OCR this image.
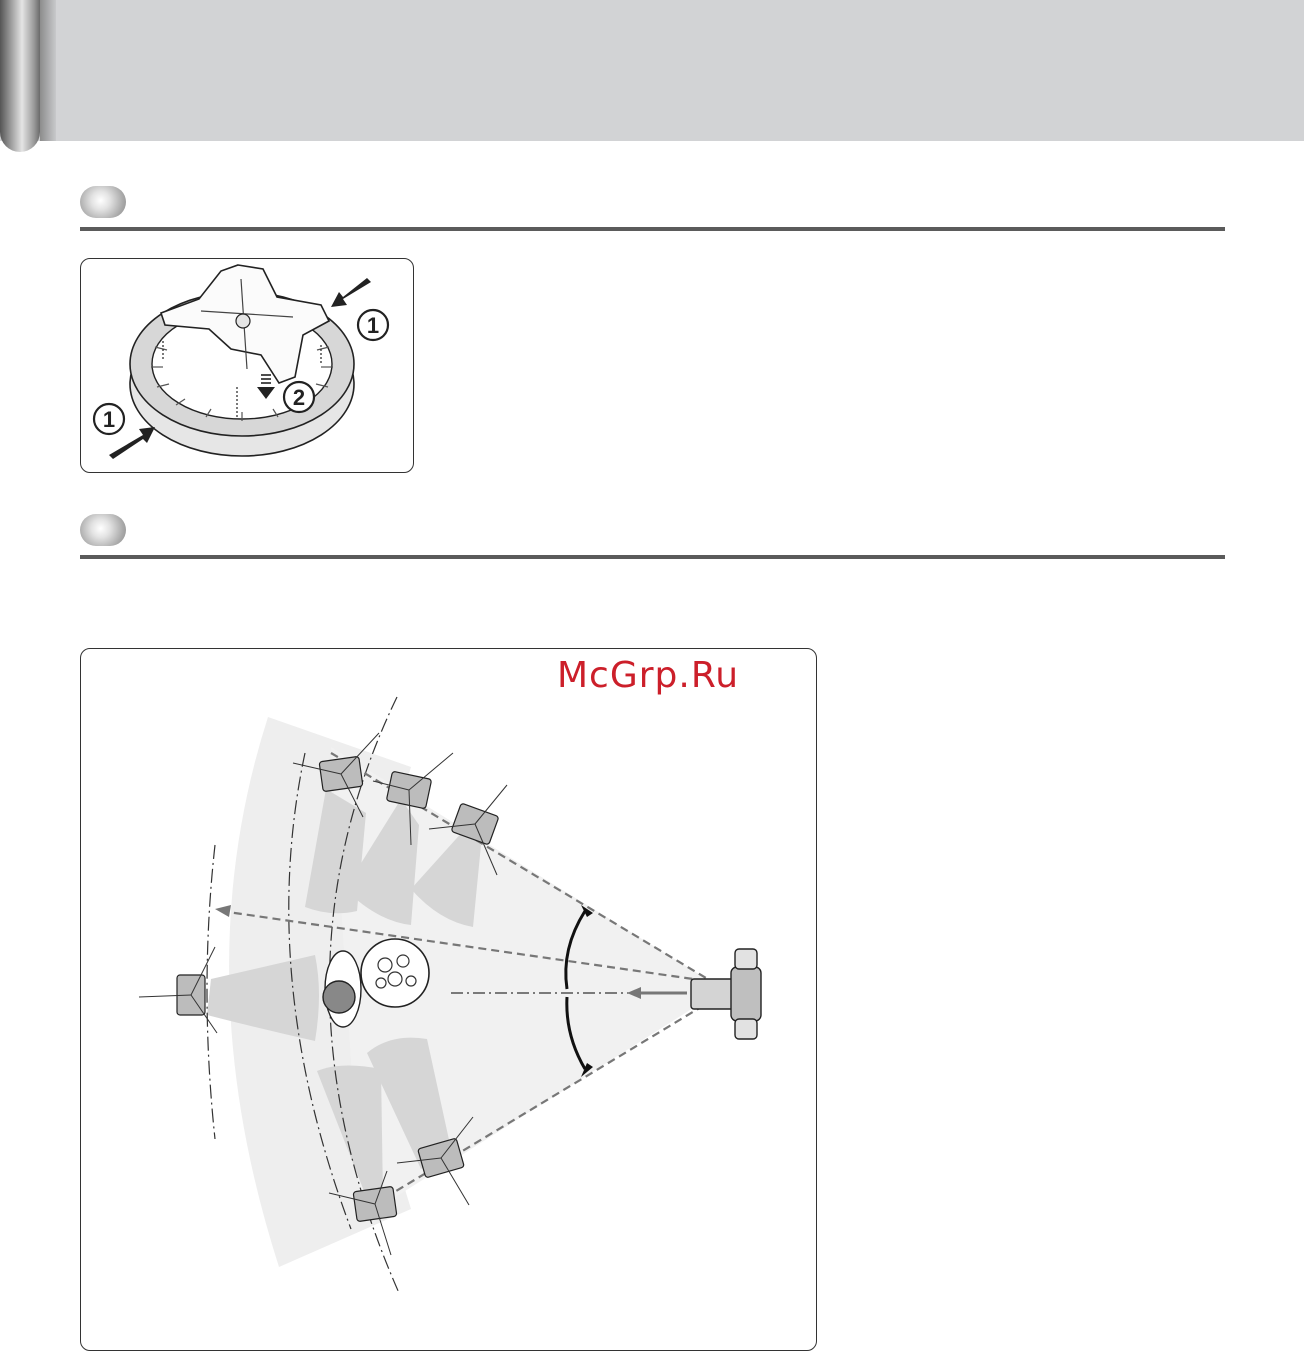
1
1
2
McGrp.Ru
